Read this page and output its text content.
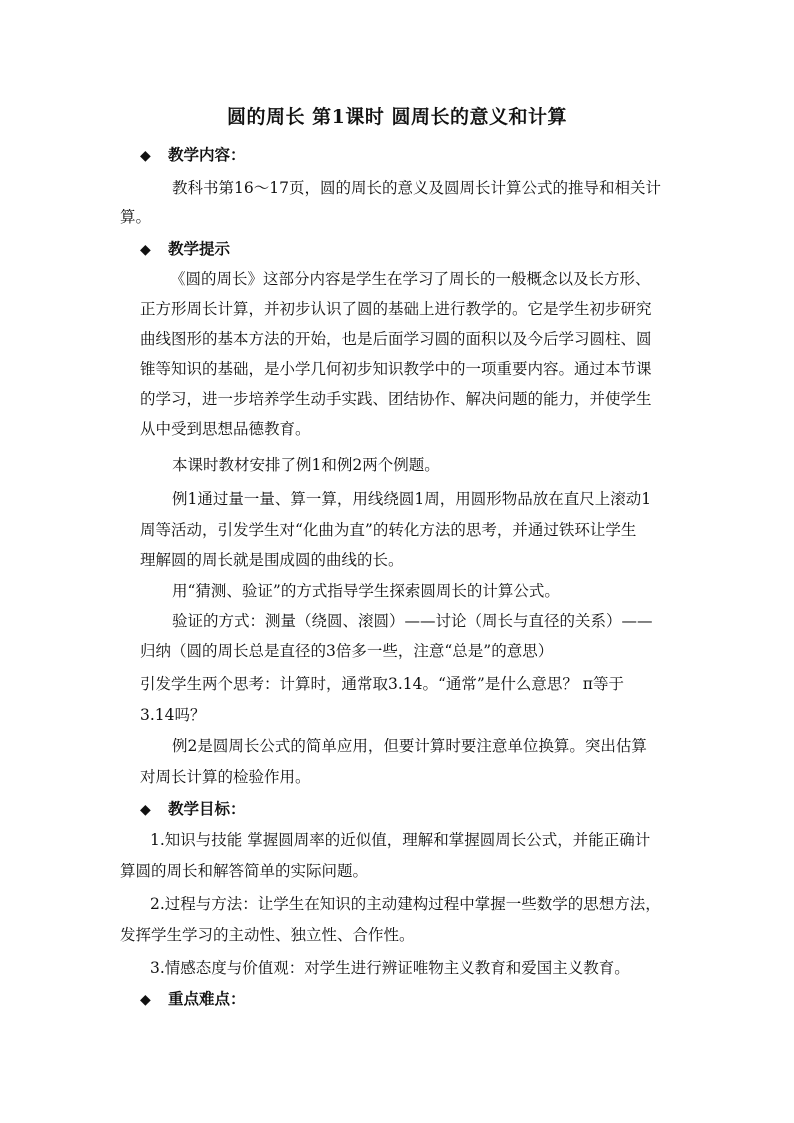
圆的周长 第1课时 圆周长的意义和计算
◆ 教学内容：
教科书第16～17页，圆的周长的意义及圆周长计算公式的推导和相关计
算。
◆ 教学提示
《圆的周长》这部分内容是学生在学习了周长的一般概念以及长方形、
正方形周长计算，并初步认识了圆的基础上进行教学的。它是学生初步研究
曲线图形的基本方法的开始，也是后面学习圆的面积以及今后学习圆柱、圆
锥等知识的基础，是小学几何初步知识教学中的一项重要内容。通过本节课
的学习，进一步培养学生动手实践、团结协作、解决问题的能力，并使学生
从中受到思想品德教育。
本课时教材安排了例1和例2两个例题。
例1通过量一量、算一算，用线绕圆1周，用圆形物品放在直尺上滚动1
周等活动，引发学生对“化曲为直”的转化方法的思考，并通过铁环让学生
理解圆的周长就是围成圆的曲线的长。
用“猜测、验证”的方式指导学生探索圆周长的计算公式。
验证的方式：测量（绕圆、滚圆）——讨论（周长与直径的关系）——
归纳（圆的周长总是直径的3倍多一些，注意“总是”的意思）
引发学生两个思考：计算时，通常取3.14。“通常”是什么意思？ π等于
3.14吗？
例2是圆周长公式的简单应用，但要计算时要注意单位换算。突出估算
对周长计算的检验作用。
◆ 教学目标：
1.知识与技能 掌握圆周率的近似值，理解和掌握圆周长公式，并能正确计
算圆的周长和解答简单的实际问题。
2.过程与方法：让学生在知识的主动建构过程中掌握一些数学的思想方法，
发挥学生学习的主动性、独立性、合作性。
3.情感态度与价值观：对学生进行辨证唯物主义教育和爱国主义教育。
◆ 重点难点：
